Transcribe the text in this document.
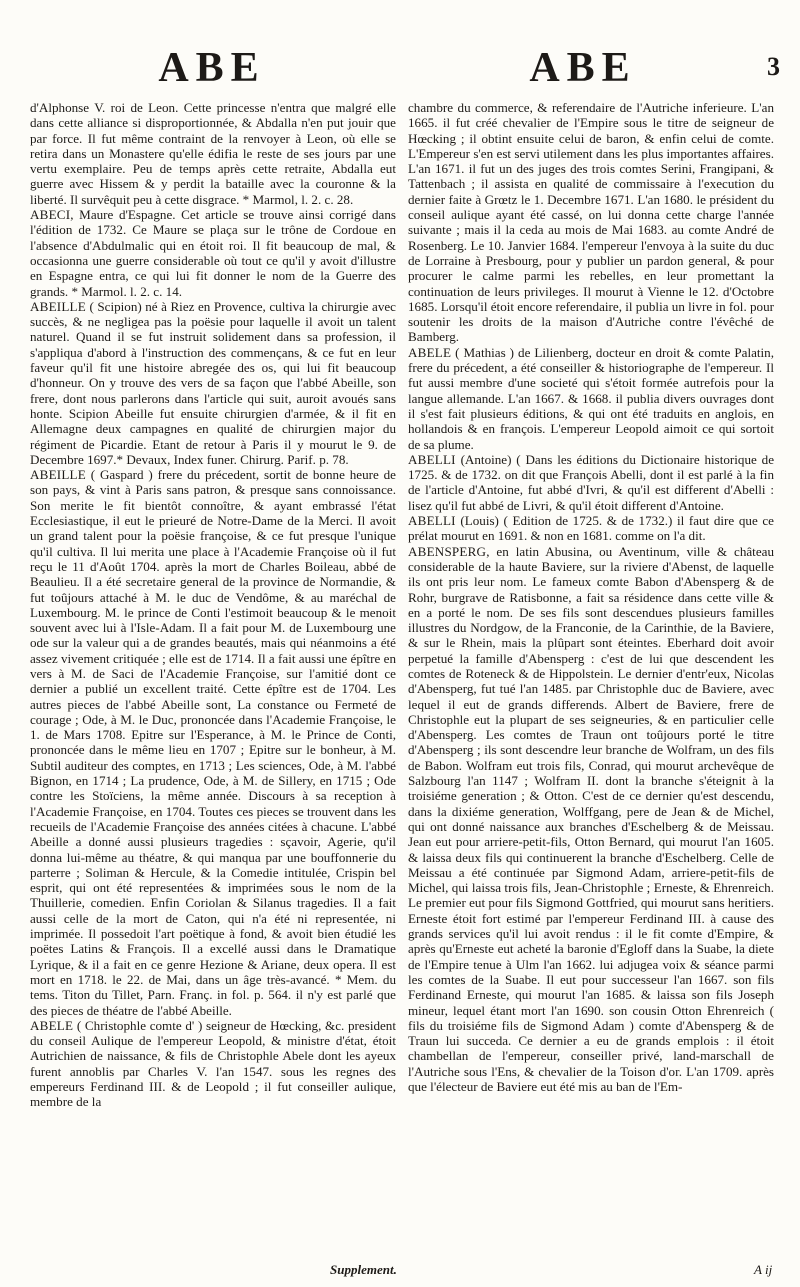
ABE	ABE	3

d'Alphonse V. roi de Leon. Cette princesse n'entra que malgré elle dans cette alliance si disproportionnée, & Abdalla n'en put jouir que par force. Il fut même contraint de la renvoyer à Leon, où elle se retira dans un Monastere qu'elle édifia le reste de ses jours par une vertu exemplaire. Peu de temps après cette retraite, Abdalla eut guerre avec Hissem & y perdit la bataille avec la couronne & la liberté. Il survêquit peu à cette disgrace. * Marmol, l. 2. c. 28.

ABECI, Maure d'Espagne. Cet article se trouve ainsi corrigé dans l'édition de 1732. Ce Maure se plaça sur le trône de Cordoue en l'absence d'Abdulmalic qui en étoit roi. Il fit beaucoup de mal, & occasionna une guerre considerable où tout ce qu'il y avoit d'illustre en Espagne entra, ce qui lui fit donner le nom de la Guerre des grands. * Marmol. l. 2. c. 14.

ABEILLE ( Scipion) né à Riez en Provence, cultiva la chirurgie avec succès, & ne negligea pas la poësie pour laquelle il avoit un talent naturel. Quand il se fut instruit solidement dans sa profession, il s'appliqua d'abord à l'instruction des commençans, & ce fut en leur faveur qu'il fit une histoire abregée des os, qui lui fit beaucoup d'honneur. On y trouve des vers de sa façon que l'abbé Abeille, son frere, dont nous parlerons dans l'article qui suit, auroit avoués sans honte. Scipion Abeille fut ensuite chirurgien d'armée, & il fit en Allemagne deux campagnes en qualité de chirurgien major du régiment de Picardie. Etant de retour à Paris il y mourut le 9. de Decembre 1697.* Devaux, Index funer. Chirurg. Parif. p. 78.

ABEILLE ( Gaspard ) frere du précedent, sortit de bonne heure de son pays, & vint à Paris sans patron, & presque sans connoissance. Son merite le fit bientôt connoître, & ayant embrassé l'état Ecclesiastique, il eut le prieuré de Notre-Dame de la Merci. Il avoit un grand talent pour la poësie françoise, & ce fut presque l'unique qu'il cultiva. Il lui merita une place à l'Academie Françoise où il fut reçu le 11 d'Août 1704. après la mort de Charles Boileau, abbé de Beaulieu. Il a été secretaire general de la province de Normandie, & fut toûjours attaché à M. le duc de Vendôme, & au maréchal de Luxembourg. M. le prince de Conti l'estimoit beaucoup & le menoit souvent avec lui à l'Isle-Adam. Il a fait pour M. de Luxembourg une ode sur la valeur qui a de grandes beautés, mais qui néanmoins a été assez vivement critiquée ; elle est de 1714. Il a fait aussi une épître en vers à M. de Saci de l'Academie Françoise, sur l'amitié dont ce dernier a publié un excellent traité. Cette épître est de 1704. Les autres pieces de l'abbé Abeille sont, La constance ou Fermeté de courage ; Ode, à M. le Duc, prononcée dans l'Academie Françoise, le 1. de Mars 1708. Epitre sur l'Esperance, à M. le Prince de Conti, prononcée dans le même lieu en 1707 ; Epitre sur le bonheur, à M. Subtil auditeur des comptes, en 1713 ; Les sciences, Ode, à M. l'abbé Bignon, en 1714 ; La prudence, Ode, à M. de Sillery, en 1715 ; Ode contre les Stoïciens, la même année. Discours à sa reception à l'Academie Françoise, en 1704. Toutes ces pieces se trouvent dans les recueils de l'Academie Françoise des années citées à chacune. L'abbé Abeille a donné aussi plusieurs tragedies : sçavoir, Agerie, qu'il donna lui-même au théatre, & qui manqua par une bouffonnerie du parterre ; Soliman & Hercule, & la Comedie intitulée, Crispin bel esprit, qui ont été representées & imprimées sous le nom de la Thuillerie, comedien. Enfin Coriolan & Silanus tragedies. Il a fait aussi celle de la mort de Caton, qui n'a été ni representée, ni imprimée. Il possedoit l'art poëtique à fond, & avoit bien étudié les poëtes Latins & François. Il a excellé aussi dans le Dramatique Lyrique, & il a fait en ce genre Hezione & Ariane, deux opera. Il est mort en 1718. le 22. de Mai, dans un âge très-avancé. * Mem. du tems. Titon du Tillet, Parn. Franç. in fol. p. 564. il n'y est parlé que des pieces de théatre de l'abbé Abeille.

ABELE ( Christophle comte d' ) seigneur de Hœcking, &c. president du conseil Aulique de l'empereur Leopold, & ministre d'état, étoit Autrichien de naissance, & fils de Christophle Abele dont les ayeux furent annoblis par Charles V. l'an 1547. sous les regnes des empereurs Ferdinand III. & de Leopold ; il fut conseiller aulique, membre de la

chambre du commerce, & referendaire de l'Autriche inferieure. L'an 1665. il fut créé chevalier de l'Empire sous le titre de seigneur de Hœcking ; il obtint ensuite celui de baron, & enfin celui de comte. L'Empereur s'en est servi utilement dans les plus importantes affaires. L'an 1671. il fut un des juges des trois comtes Serini, Frangipani, & Tattenbach ; il assista en qualité de commissaire à l'execution du dernier faite à Grœtz le 1. Decembre 1671. L'an 1680. le président du conseil aulique ayant été cassé, on lui donna cette charge l'année suivante ; mais il la ceda au mois de Mai 1683. au comte André de Rosenberg. Le 10. Janvier 1684. l'empereur l'envoya à la suite du duc de Lorraine à Presbourg, pour y publier un pardon general, & pour procurer le calme parmi les rebelles, en leur promettant la continuation de leurs privileges. Il mourut à Vienne le 12. d'Octobre 1685. Lorsqu'il étoit encore referendaire, il publia un livre in fol. pour soutenir les droits de la maison d'Autriche contre l'évêché de Bamberg.

ABELE ( Mathias ) de Lilienberg, docteur en droit & comte Palatin, frere du précedent, a été conseiller & historiographe de l'empereur. Il fut aussi membre d'une societé qui s'étoit formée autrefois pour la langue allemande. L'an 1667. & 1668. il publia divers ouvrages dont il s'est fait plusieurs éditions, & qui ont été traduits en anglois, en hollandois & en françois. L'empereur Leopold aimoit ce qui sortoit de sa plume.

ABELLI (Antoine) ( Dans les éditions du Dictionaire historique de 1725. & de 1732. on dit que François Abelli, dont il est parlé à la fin de l'article d'Antoine, fut abbé d'Ivri, & qu'il est different d'Abelli : lisez qu'il fut abbé de Livri, & qu'il étoit different d'Antoine.

ABELLI (Louis) ( Edition de 1725. & de 1732.) il faut dire que ce prélat mourut en 1691. & non en 1681. comme on l'a dit.

ABENSPERG, en latin Abusina, ou Aventinum, ville & château considerable de la haute Baviere, sur la riviere d'Abenst, de laquelle ils ont pris leur nom. Le fameux comte Babon d'Abensperg & de Rohr, burgrave de Ratisbonne, a fait sa résidence dans cette ville & en a porté le nom. De ses fils sont descendues plusieurs familles illustres du Nordgow, de la Franconie, de la Carinthie, de la Baviere, & sur le Rhein, mais la plûpart sont éteintes. Eberhard doit avoir perpetué la famille d'Abensperg : c'est de lui que descendent les comtes de Roteneck & de Hippolstein. Le dernier d'entr'eux, Nicolas d'Abensperg, fut tué l'an 1485. par Christophle duc de Baviere, avec lequel il eut de grands differends. Albert de Baviere, frere de Christophle eut la plupart de ses seigneuries, & en particulier celle d'Abensperg. Les comtes de Traun ont toûjours porté le titre d'Abensperg ; ils sont descendre leur branche de Wolfram, un des fils de Babon. Wolfram eut trois fils, Conrad, qui mourut archevêque de Salzbourg l'an 1147 ; Wolfram II. dont la branche s'éteignit à la troisiéme generation ; & Otton. C'est de ce dernier qu'est descendu, dans la dixiéme generation, Wolffgang, pere de Jean & de Michel, qui ont donné naissance aux branches d'Eschelberg & de Meissau. Jean eut pour arriere-petit-fils, Otton Bernard, qui mourut l'an 1605. & laissa deux fils qui continuerent la branche d'Eschelberg. Celle de Meissau a été continuée par Sigmond Adam, arriere-petit-fils de Michel, qui laissa trois fils, Jean-Christophle ; Erneste, & Ehrenreich. Le premier eut pour fils Sigmond Gottfried, qui mourut sans heritiers. Erneste étoit fort estimé par l'empereur Ferdinand III. à cause des grands services qu'il lui avoit rendus : il le fit comte d'Empire, & après qu'Erneste eut acheté la baronie d'Egloff dans la Suabe, la diete de l'Empire tenue à Ulm l'an 1662. lui adjugea voix & séance parmi les comtes de la Suabe. Il eut pour successeur l'an 1667. son fils Ferdinand Erneste, qui mourut l'an 1685. & laissa son fils Joseph mineur, lequel étant mort l'an 1690. son cousin Otton Ehrenreich ( fils du troisiéme fils de Sigmond Adam ) comte d'Abensperg & de Traun lui succeda. Ce dernier a eu de grands emplois : il étoit chambellan de l'empereur, conseiller privé, land-marschall de l'Autriche sous l'Ens, & chevalier de la Toison d'or. L'an 1709. après que l'électeur de Baviere eut été mis au ban de l'Em-

Supplement.	A ij
